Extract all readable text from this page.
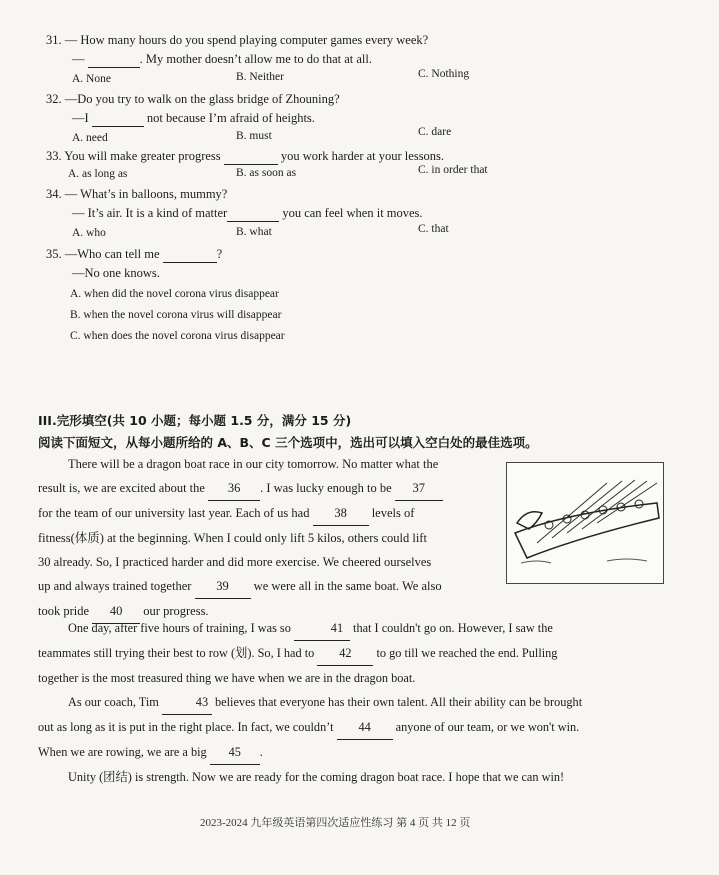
31. — How many hours do you spend playing computer games every week?
—	. My mother doesn’t allow me to do that at all.
A. None	B. Neither	C. Nothing
32. —Do you try to walk on the glass bridge of Zhouning?
—I	not because I’m afraid of heights.
A. need	B. must	C. dare
33. You will make greater progress	you work harder at your lessons.
A. as long as	B. as soon as	C. in order that
34. — What’s in balloons, mummy?
— It’s air. It is a kind of matter	you can feel when it moves.
A. who	B. what	C. that
35. —Who can tell me	?
—No one knows.
A. when did the novel corona virus disappear
B. when the novel corona virus will disappear
C. when does the novel corona virus disappear
III.完形填空(共 10 小题；每小题 1.5 分，满分 15 分)
阅读下面短文，从每小题所给的 A、B、C 三个选项中，选出可以填入空白处的最佳选项。

There will be a dragon boat race in our city tomorrow. No matter what the

result is, we are excited about the 36 . I was lucky enough to be 37

for the team of our university last year. Each of us had 38 levels of

fitness(体质) at the beginning. When I could only lift 5 kilos, others could lift

30 already. So, I practiced harder and did more exercise. We cheered ourselves

up and always trained together 39 we were all in the same boat. We also

took pride 40 our progress.

One day, after five hours of training, I was so	41 that I couldn't go on. However, I saw the

teammates still trying their best to row (划). So, I had to 42 to go till we reached the end. Pulling

together is the most treasured thing we have when we are in the dragon boat.

As our coach, Tim	43 believes that everyone has their own talent. All their ability can be brought

out as long as it is put in the right place. In fact, we couldn’t 44 anyone of our team, or we won't win.

When we are rowing, we are a big 45 .

Unity (团结) is strength. Now we are ready for the coming dragon boat race. I hope that we can win!

2023-2024 九年级英语第四次适应性练习 第 4 页 共 12 页
